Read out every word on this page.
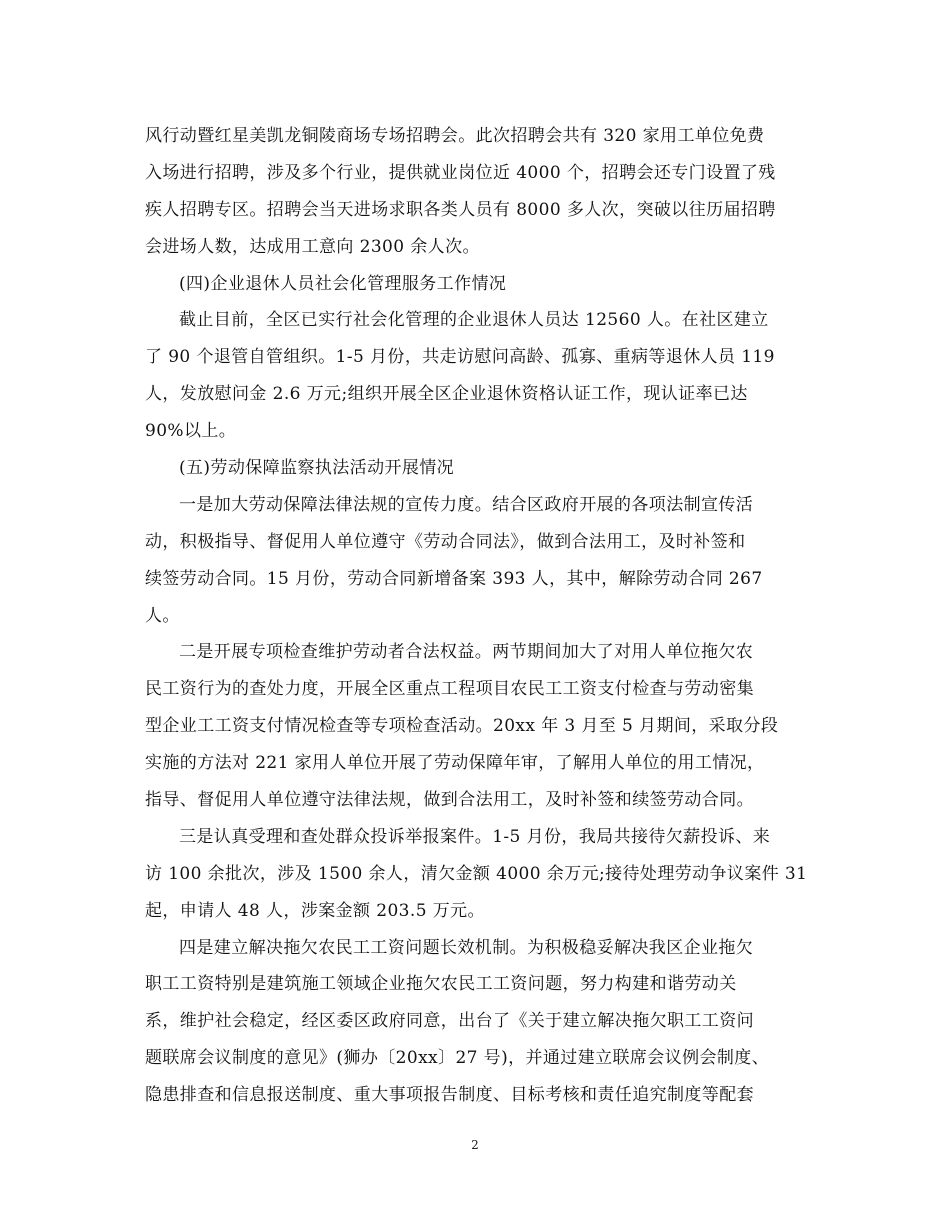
风行动暨红星美凯龙铜陵商场专场招聘会。此次招聘会共有 320 家用工单位免费
入场进行招聘，涉及多个行业，提供就业岗位近 4000 个，招聘会还专门设置了残
疾人招聘专区。招聘会当天进场求职各类人员有 8000 多人次，突破以往历届招聘
会进场人数，达成用工意向 2300 余人次。
(四)企业退休人员社会化管理服务工作情况
截止目前，全区已实行社会化管理的企业退休人员达 12560 人。在社区建立
了 90 个退管自管组织。1-5 月份，共走访慰问高龄、孤寡、重病等退休人员 119
人，发放慰问金 2.6 万元;组织开展全区企业退休资格认证工作，现认证率已达
90%以上。
(五)劳动保障监察执法活动开展情况
一是加大劳动保障法律法规的宣传力度。结合区政府开展的各项法制宣传活
动，积极指导、督促用人单位遵守《劳动合同法》，做到合法用工，及时补签和
续签劳动合同。15 月份，劳动合同新增备案 393 人，其中，解除劳动合同 267
人。
二是开展专项检查维护劳动者合法权益。两节期间加大了对用人单位拖欠农
民工资行为的查处力度，开展全区重点工程项目农民工工资支付检查与劳动密集
型企业工工资支付情况检查等专项检查活动。20xx 年 3 月至 5 月期间，采取分段
实施的方法对 221 家用人单位开展了劳动保障年审，了解用人单位的用工情况，
指导、督促用人单位遵守法律法规，做到合法用工，及时补签和续签劳动合同。
三是认真受理和查处群众投诉举报案件。1-5 月份，我局共接待欠薪投诉、来
访 100 余批次，涉及 1500 余人，清欠金额 4000 余万元;接待处理劳动争议案件 31
起，申请人 48 人，涉案金额 203.5 万元。
四是建立解决拖欠农民工工资问题长效机制。为积极稳妥解决我区企业拖欠
职工工资特别是建筑施工领域企业拖欠农民工工资问题，努力构建和谐劳动关
系，维护社会稳定，经区委区政府同意，出台了《关于建立解决拖欠职工工资问
题联席会议制度的意见》(狮办〔20xx〕27 号)，并通过建立联席会议例会制度、
隐患排查和信息报送制度、重大事项报告制度、目标考核和责任追究制度等配套
2
